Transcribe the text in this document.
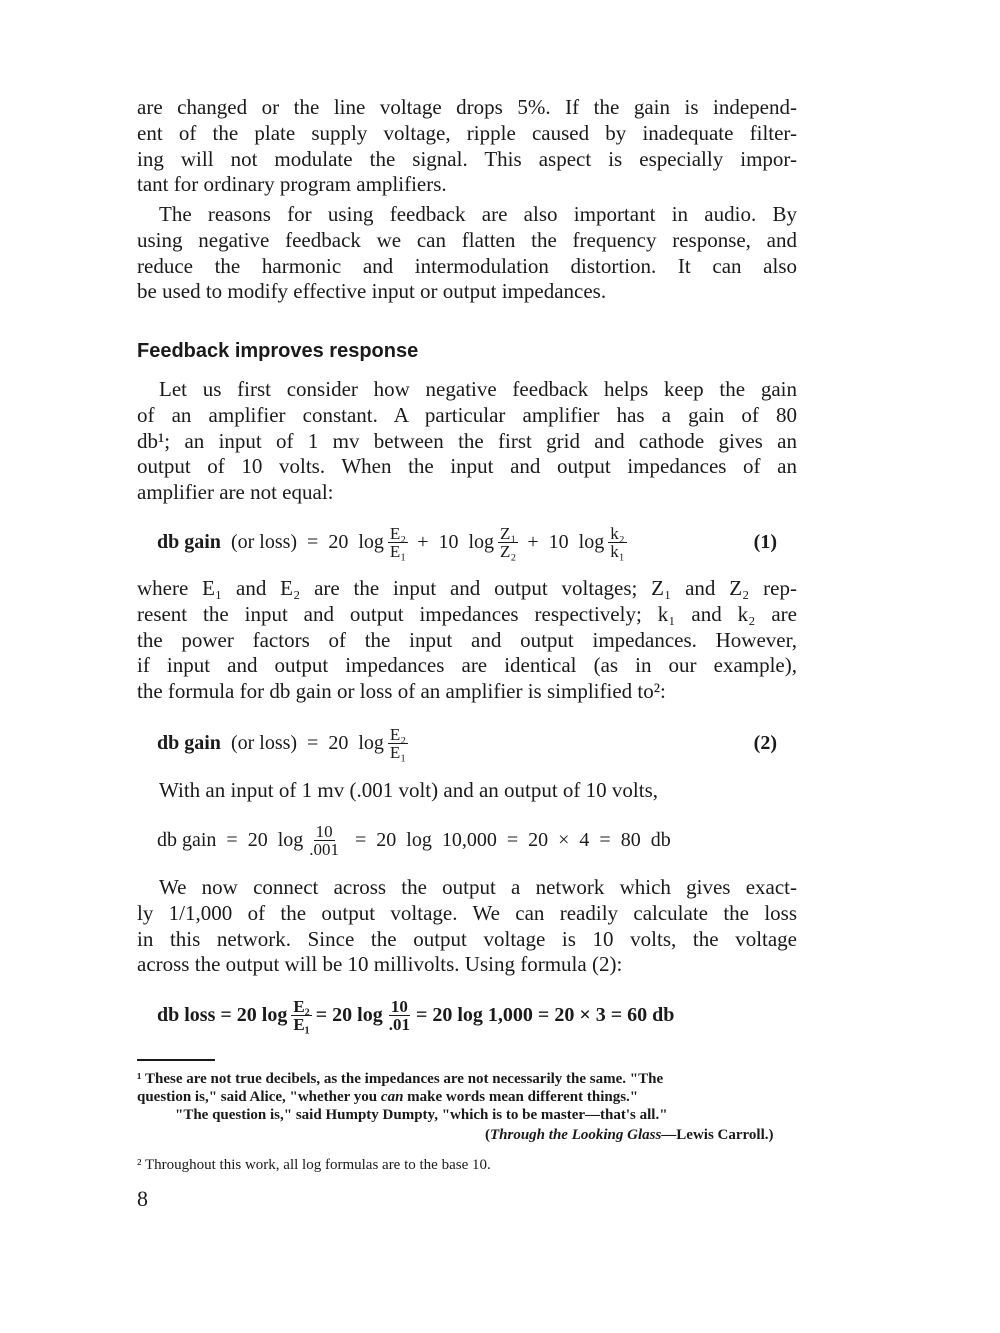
are changed or the line voltage drops 5%. If the gain is independ-
ent of the plate supply voltage, ripple caused by inadequate filter-
ing will not modulate the signal. This aspect is especially impor-
tant for ordinary program amplifiers.
The reasons for using feedback are also important in audio. By
using negative feedback we can flatten the frequency response, and
reduce the harmonic and intermodulation distortion. It can also
be used to modify effective input or output impedances.
Feedback improves response
Let us first consider how negative feedback helps keep the gain
of an amplifier constant. A particular amplifier has a gain of 80
db¹; an input of 1 mv between the first grid and cathode gives an
output of 10 volts. When the input and output impedances of an
amplifier are not equal:
db gain (or loss)  =  20  $\log \frac{\text{E₂}}{\text{E₁}} + 10$  $\log \frac{\text{Z₁}}{\text{Z₂}} + 10$  $\log \frac{\text{k₂}}{\text{k₁}}$	(1)
where E₁ and E₂ are the input and output voltages; Z₁ and Z₂ rep-
resent the input and output impedances respectively; k₁ and k₂ are
the power factors of the input and output impedances. However,
if input and output impedances are identical (as in our example),
the formula for db gain or loss of an amplifier is simplified to²:
db gain (or loss)  =  20  $\log \frac{\text{E₂}}{\text{E₁}}$	(2)
With an input of 1 mv (.001 volt) and an output of 10 volts,
db gain  =  20  $\log \frac{10}{.001} = 20$  log  10,000  =  20  ×  4  =  80  db
We now connect across the output a network which gives exact-
ly 1/1,000 of the output voltage. We can readily calculate the loss
in this network. Since the output voltage is 10 volts, the voltage
across the output will be 10 millivolts. Using formula (2):
db loss = 20 $\log \frac{\text{E₂}}{\text{E₁}} = 20$ $\log \frac{10}{.01} = 20$ log 1,000 = 20 × 3 = 60 db
¹ These are not true decibels, as the impedances are not necessarily the same. "The
question is," said Alice, "whether you can make words mean different things."
"The question is," said Humpty Dumpty, "which is to be master—that's all."
(Through the Looking Glass—Lewis Carroll.)
² Throughout this work, all log formulas are to the base 10.
8
